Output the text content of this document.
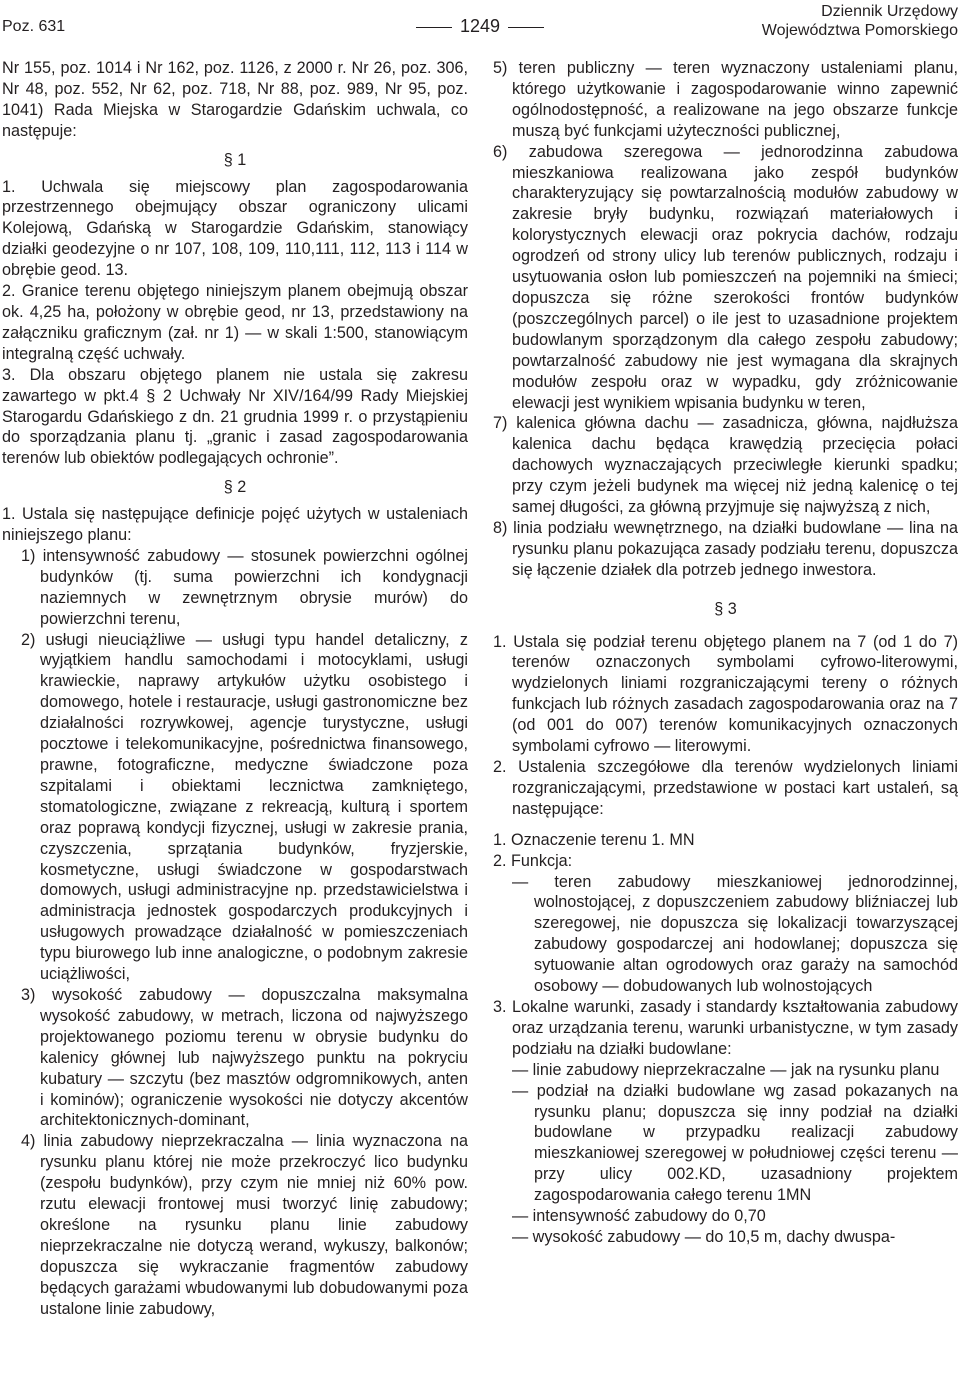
Poz. 631	1249
Dziennik Urzędowy
Województwa Pomorskiego

Nr 155, poz. 1014 i Nr 162, poz. 1126, z 2000 r. Nr 26, poz. 306, Nr 48, poz. 552, Nr 62, poz. 718, Nr 88, poz. 989, Nr 95, poz. 1041) Rada Miejska w Starogardzie Gdańskim uchwala, co następuje:

§ 1

1. Uchwala się miejscowy plan zagospodarowania przestrzennego obejmujący obszar ograniczony ulicami Kolejową, Gdańską w Starogardzie Gdańskim, stanowiący działki geodezyjne o nr 107, 108, 109, 110,111, 112, 113 i 114 w obrębie geod. 13.

2. Granice terenu objętego niniejszym planem obejmują obszar ok. 4,25 ha, położony w obrębie geod, nr 13, przedstawiony na załączniku graficznym (zał. nr 1) — w skali 1:500, stanowiącym integralną część uchwały.

3. Dla obszaru objętego planem nie ustala się zakresu zawartego w pkt.4 § 2 Uchwały Nr XIV/164/99 Rady Miejskiej Starogardu Gdańskiego z dn. 21 grudnia 1999 r. o przystąpieniu do sporządzania planu tj. „granic i zasad zagospodarowania terenów lub obiektów podlegających ochronie”.

§ 2

1. Ustala się następujące definicje pojęć użytych w ustaleniach niniejszego planu:

1) intensywność zabudowy — stosunek powierzchni ogólnej budynków (tj. suma powierzchni ich kondygnacji naziemnych w zewnętrznym obrysie murów) do powierzchni terenu,

2) usługi nieuciążliwe — usługi typu handel detaliczny, z wyjątkiem handlu samochodami i motocyklami, usługi krawieckie, naprawy artykułów użytku osobistego i domowego, hotele i restauracje, usługi gastronomiczne bez działalności rozrywkowej, agencje turystyczne, usługi pocztowe i telekomunikacyjne, pośrednictwa finansowego, prawne, fotograficzne, medyczne świadczone poza szpitalami i obiektami lecznictwa zamkniętego, stomatologiczne, związane z rekreacją, kulturą i sportem oraz poprawą kondycji fizycznej, usługi w zakresie prania, czyszczenia, sprzątania budynków, fryzjerskie, kosmetyczne, usługi świadczone w gospodarstwach domowych, usługi administracyjne np. przedstawicielstwa i administracja jednostek gospodarczych produkcyjnych i usługowych prowadzące działalność w pomieszczeniach typu biurowego lub inne analogiczne, o podobnym zakresie uciążliwości,

3) wysokość zabudowy — dopuszczalna maksymalna wysokość zabudowy, w metrach, liczona od najwyższego projektowanego poziomu terenu w obrysie budynku do kalenicy głównej lub najwyższego punktu na pokryciu kubatury — szczytu (bez masztów odgromnikowych, anten i kominów); ograniczenie wysokości nie dotyczy akcentów architektonicznych-dominant,

4) linia zabudowy nieprzekraczalna — linia wyznaczona na rysunku planu której nie może przekroczyć lico budynku (zespołu budynków), przy czym nie mniej niż 60% pow. rzutu elewacji frontowej musi tworzyć linię zabudowy; określone na rysunku planu linie zabudowy nieprzekraczalne nie dotyczą werand, wykuszy, balkonów; dopuszcza się wykraczanie fragmentów zabudowy będących garażami wbudowanymi lub dobudowanymi poza ustalone linie zabudowy,

5) teren publiczny — teren wyznaczony ustaleniami planu, którego użytkowanie i zagospodarowanie winno zapewnić ogólnodostępność, a realizowane na jego obszarze funkcje muszą być funkcjami użyteczności publicznej,

6) zabudowa szeregowa — jednorodzinna zabudowa mieszkaniowa realizowana jako zespół budynków charakteryzujący się powtarzalnością modułów zabudowy w zakresie bryły budynku, rozwiązań materiałowych i kolorystycznych elewacji oraz pokrycia dachów, rodzaju ogrodzeń od strony ulicy lub terenów publicznych, rodzaju i usytuowania osłon lub pomieszczeń na pojemniki na śmieci; dopuszcza się różne szerokości frontów budynków (poszczególnych parcel) o ile jest to uzasadnione projektem budowlanym sporządzonym dla całego zespołu zabudowy; powtarzalność zabudowy nie jest wymagana dla skrajnych modułów zespołu oraz w wypadku, gdy zróżnicowanie elewacji jest wynikiem wpisania budynku w teren,

7) kalenica główna dachu — zasadnicza, główna, najdłuższa kalenica dachu będąca krawędzią przecięcia połaci dachowych wyznaczających przeciwległe kierunki spadku; przy czym jeżeli budynek ma więcej niż jedną kalenicę o tej samej długości, za główną przyjmuje się najwyższą z nich,

8) linia podziału wewnętrznego, na działki budowlane — lina na rysunku planu pokazująca zasady podziału terenu, dopuszcza się łączenie działek dla potrzeb jednego inwestora.

§ 3

1. Ustala się podział terenu objętego planem na 7 (od 1 do 7) terenów oznaczonych symbolami cyfrowo-literowymi, wydzielonych liniami rozgraniczającymi tereny o różnych funkcjach lub różnych zasadach zagospodarowania oraz na 7 (od 001 do 007) terenów komunikacyjnych oznaczonych symbolami cyfrowo — literowymi.

2. Ustalenia szczegółowe dla terenów wydzielonych liniami rozgraniczającymi, przedstawione w postaci kart ustaleń, są następujące:

1. Oznaczenie terenu 1. MN

2. Funkcja:

— teren zabudowy mieszkaniowej jednorodzinnej, wolnostojącej, z dopuszczeniem zabudowy bliźniaczej lub szeregowej, nie dopuszcza się lokalizacji towarzyszącej zabudowy gospodarczej ani hodowlanej; dopuszcza się sytuowanie altan ogrodowych oraz garaży na samochód osobowy — dobudowanych lub wolnostojących

3. Lokalne warunki, zasady i standardy kształtowania zabudowy oraz urządzania terenu, warunki urbanistyczne, w tym zasady podziału na działki budowlane:

— linie zabudowy nieprzekraczalne — jak na rysunku planu

— podział na działki budowlane wg zasad pokazanych na rysunku planu; dopuszcza się inny podział na działki budowlane w przypadku realizacji zabudowy mieszkaniowej szeregowej w południowej części terenu — przy ulicy 002.KD, uzasadniony projektem zagospodarowania całego terenu 1MN

— intensywność zabudowy do 0,70

— wysokość zabudowy — do 10,5 m, dachy dwuspa-
